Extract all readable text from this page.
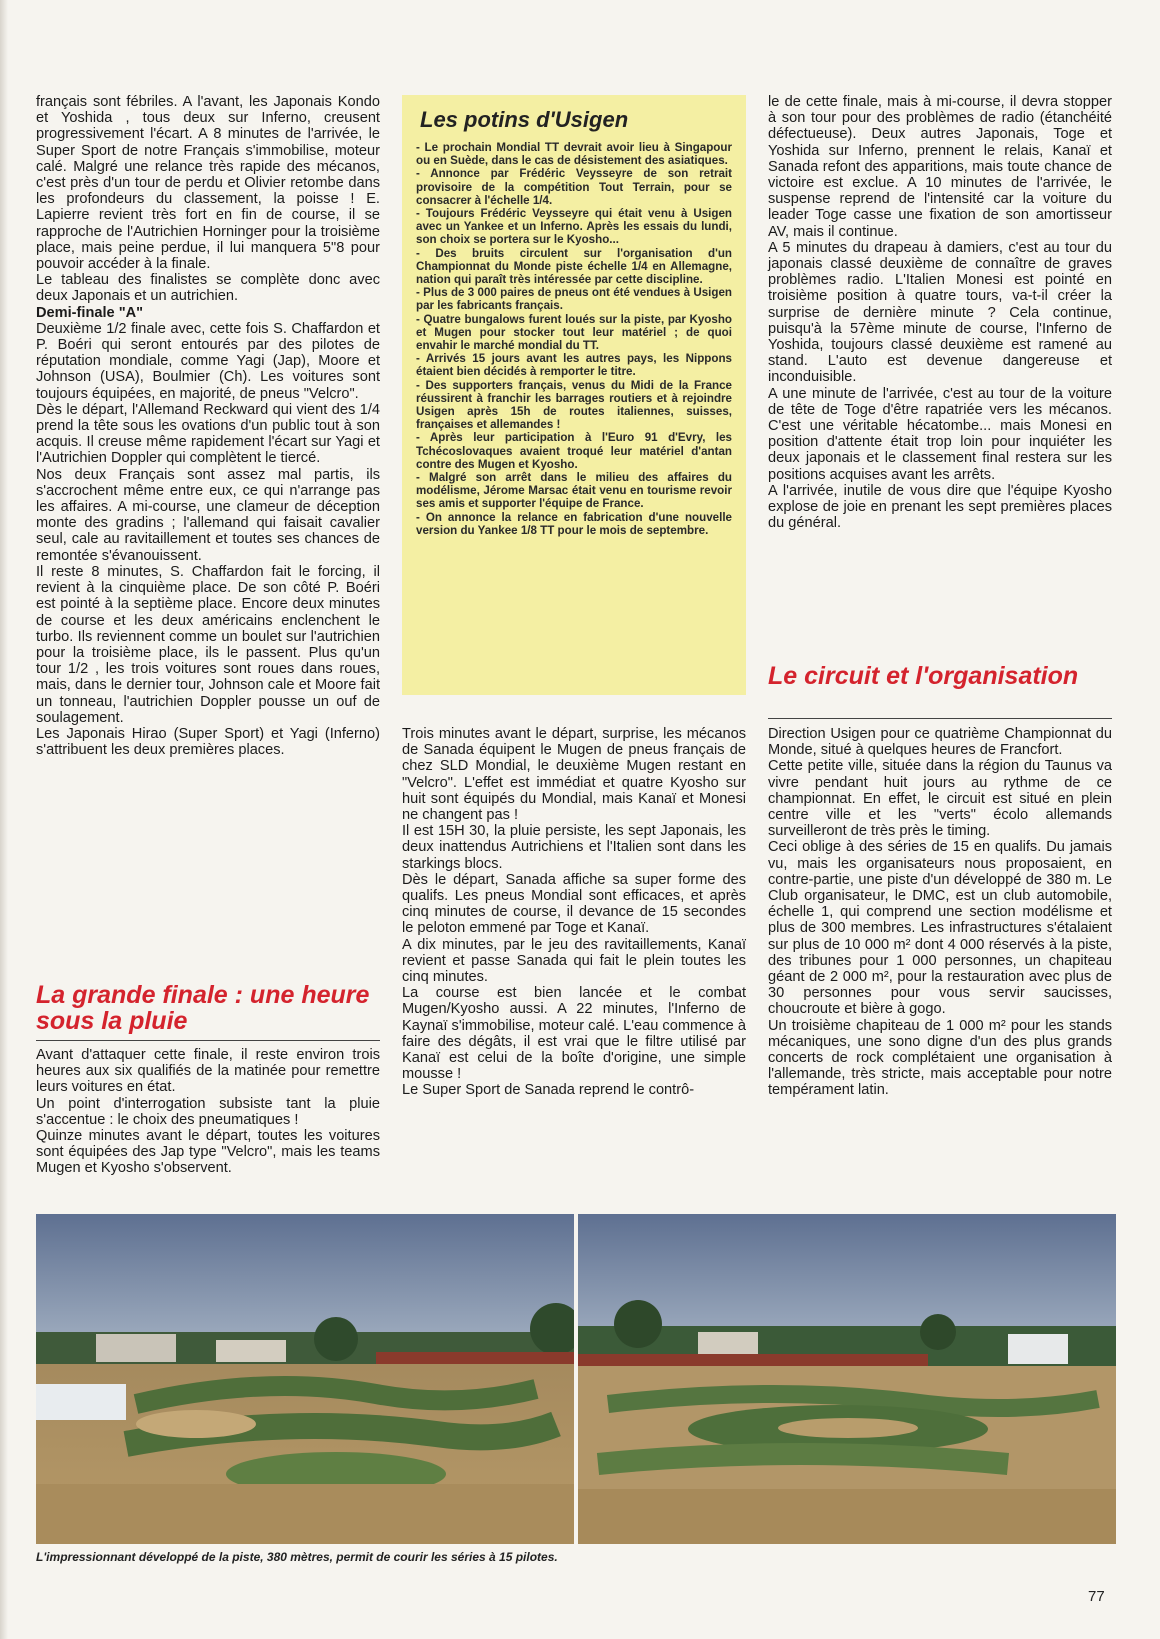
français sont fébriles. A l'avant, les Japonais Kondo et Yoshida , tous deux sur Inferno, creusent progressivement l'écart. A 8 minutes de l'arrivée, le Super Sport de notre Français s'immobilise, moteur calé. Malgré une relance très rapide des mécanos, c'est près d'un tour de perdu et Olivier retombe dans les profondeurs du classement, la poisse ! E. Lapierre revient très fort en fin de course, il se rapproche de l'Autrichien Horninger pour la troisième place, mais peine perdue, il lui manquera 5"8 pour pouvoir accéder à la finale.

Le tableau des finalistes se complète donc avec deux Japonais et un autrichien.

Demi-finale "A"

Deuxième 1/2 finale avec, cette fois S. Chaffardon et P. Boéri qui seront entourés par des pilotes de réputation mondiale, comme Yagi (Jap), Moore et Johnson (USA), Boulmier (Ch). Les voitures sont toujours équipées, en majorité, de pneus "Velcro".

Dès le départ, l'Allemand Reckward qui vient des 1/4 prend la tête sous les ovations d'un public tout à son acquis. Il creuse même rapidement l'écart sur Yagi et l'Autrichien Doppler qui complètent le tiercé.

Nos deux Français sont assez mal partis, ils s'accrochent même entre eux, ce qui n'arrange pas les affaires. A mi-course, une clameur de déception monte des gradins ; l'allemand qui faisait cavalier seul, cale au ravitaillement et toutes ses chances de remontée s'évanouissent.

Il reste 8 minutes, S. Chaffardon fait le forcing, il revient à la cinquième place. De son côté P. Boéri est pointé à la septième place. Encore deux minutes de course et les deux américains enclenchent le turbo. Ils reviennent comme un boulet sur l'autrichien pour la troisième place, ils le passent. Plus qu'un tour 1/2 , les trois voitures sont roues dans roues, mais, dans le dernier tour, Johnson cale et Moore fait un tonneau, l'autrichien Doppler pousse un ouf de soulagement.

Les Japonais Hirao (Super Sport) et Yagi (Inferno) s'attribuent les deux premières places.

La grande finale : une heure sous la pluie

Avant d'attaquer cette finale, il reste environ trois heures aux six qualifiés de la matinée pour remettre leurs voitures en état.

Un point d'interrogation subsiste tant la pluie s'accentue : le choix des pneumatiques !

Quinze minutes avant le départ, toutes les voitures sont équipées des Jap type "Velcro", mais les teams Mugen et Kyosho s'observent.

Les potins d'Usigen

- Le prochain Mondial TT devrait avoir lieu à Singapour ou en Suède, dans le cas de désistement des asiatiques.

- Annonce par Frédéric Veysseyre de son retrait provisoire de la compétition Tout Terrain, pour se consacrer à l'échelle 1/4.

- Toujours Frédéric Veysseyre qui était venu à Usigen avec un Yankee et un Inferno. Après les essais du lundi, son choix se portera sur le Kyosho...

- Des bruits circulent sur l'organisation d'un Championnat du Monde piste échelle 1/4 en Allemagne, nation qui paraît très intéressée par cette discipline.

- Plus de 3 000 paires de pneus ont été vendues à Usigen par les fabricants français.

- Quatre bungalows furent loués sur la piste, par Kyosho et Mugen pour stocker tout leur matériel ; de quoi envahir le marché mondial du TT.

- Arrivés 15 jours avant les autres pays, les Nippons étaient bien décidés à remporter le titre.

- Des supporters français, venus du Midi de la France réussirent à franchir les barrages routiers et à rejoindre Usigen après 15h de routes italiennes, suisses, françaises et allemandes !

- Après leur participation à l'Euro 91 d'Evry, les Tchécoslovaques avaient troqué leur matériel d'antan contre des Mugen et Kyosho.

- Malgré son arrêt dans le milieu des affaires du modélisme, Jérome Marsac était venu en tourisme revoir ses amis et supporter l'équipe de France.

- On annonce la relance en fabrication d'une nouvelle version du Yankee 1/8 TT pour le mois de septembre.

Trois minutes avant le départ, surprise, les mécanos de Sanada équipent le Mugen de pneus français de chez SLD Mondial, le deuxième Mugen restant en "Velcro". L'effet est immédiat et quatre Kyosho sur huit sont équipés du Mondial, mais Kanaï et Monesi ne changent pas !

Il est 15H 30, la pluie persiste, les sept Japonais, les deux inattendus Autrichiens et l'Italien sont dans les starkings blocs.

Dès le départ, Sanada affiche sa super forme des qualifs. Les pneus Mondial sont efficaces, et après cinq minutes de course, il devance de 15 secondes le peloton emmené par Toge et Kanaï.

A dix minutes, par le jeu des ravitaillements, Kanaï revient et passe Sanada qui fait le plein toutes les cinq minutes.

La course est bien lancée et le combat Mugen/Kyosho aussi. A 22 minutes, l'Inferno de Kaynaï s'immobilise, moteur calé. L'eau commence à faire des dégâts, il est vrai que le filtre utilisé par Kanaï est celui de la boîte d'origine, une simple mousse !

Le Super Sport de Sanada reprend le contrô-

le de cette finale, mais à mi-course, il devra stopper à son tour pour des problèmes de radio (étanchéité défectueuse). Deux autres Japonais, Toge et Yoshida sur Inferno, prennent le relais, Kanaï et Sanada refont des apparitions, mais toute chance de victoire est exclue. A 10 minutes de l'arrivée, le suspense reprend de l'intensité car la voiture du leader Toge casse une fixation de son amortisseur AV, mais il continue.

A 5 minutes du drapeau à damiers, c'est au tour du japonais classé deuxième de connaître de graves problèmes radio. L'Italien Monesi est pointé en troisième position à quatre tours, va-t-il créer la surprise de dernière minute ? Cela continue, puisqu'à la 57ème minute de course, l'Inferno de Yoshida, toujours classé deuxième est ramené au stand. L'auto est devenue dangereuse et inconduisible.

A une minute de l'arrivée, c'est au tour de la voiture de tête de Toge d'être rapatriée vers les mécanos. C'est une véritable hécatombe... mais Monesi en position d'attente était trop loin pour inquiéter les deux japonais et le classement final restera sur les positions acquises avant les arrêts.

A l'arrivée, inutile de vous dire que l'équipe Kyosho explose de joie en prenant les sept premières places du général.

Le circuit et l'organisation

Direction Usigen pour ce quatrième Championnat du Monde, situé à quelques heures de Francfort.

Cette petite ville, située dans la région du Taunus va vivre pendant huit jours au rythme de ce championnat. En effet, le circuit est situé en plein centre ville et les "verts" écolo allemands surveilleront de très près le timing.

Ceci oblige à des séries de 15 en qualifs. Du jamais vu, mais les organisateurs nous proposaient, en contre-partie, une piste d'un développé de 380 m. Le Club organisateur, le DMC, est un club automobile, échelle 1, qui comprend une section modélisme et plus de 300 membres. Les infrastructures s'étalaient sur plus de 10 000 m² dont 4 000 réservés à la piste, des tribunes pour 1 000 personnes, un chapiteau géant de 2 000 m², pour la restauration avec plus de 30 personnes pour vous servir saucisses, choucroute et bière à gogo.

Un troisième chapiteau de 1 000 m² pour les stands mécaniques, une sono digne d'un des plus grands concerts de rock complétaient une organisation à l'allemande, très stricte, mais acceptable pour notre tempérament latin.

L'impressionnant développé de la piste, 380 mètres, permit de courir les séries à 15 pilotes.
77
